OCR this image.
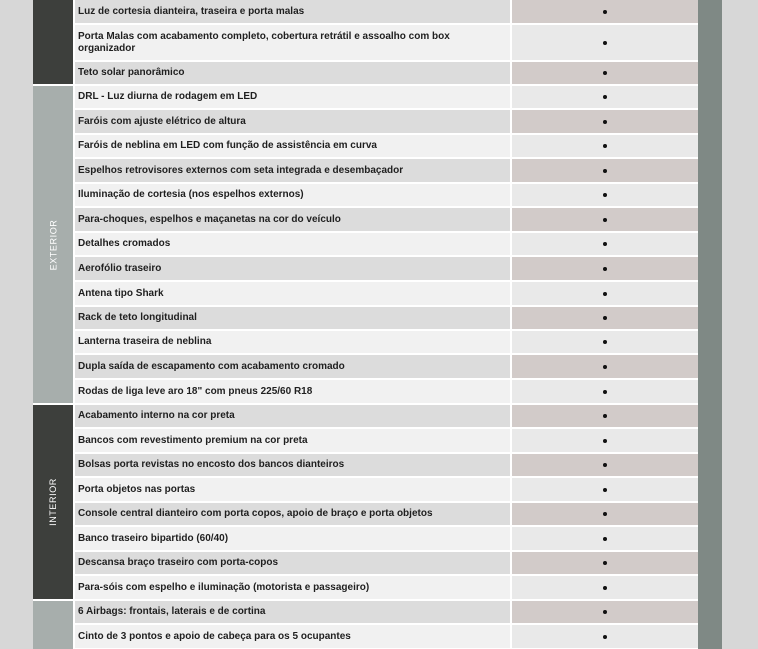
EXTERIOR
INTERIOR
Luz de cortesia dianteira, traseira e porta malas
Porta Malas com acabamento completo, cobertura retrátil e assoalho com box organizador
Teto solar panorâmico
DRL - Luz diurna de rodagem em LED
Faróis com ajuste elétrico de altura
Faróis de neblina em LED com função de assistência em curva
Espelhos retrovisores externos com seta integrada e desembaçador
Iluminação de cortesia (nos espelhos externos)
Para-choques, espelhos e maçanetas na cor do veículo
Detalhes cromados
Aerofólio traseiro
Antena tipo Shark
Rack de teto longitudinal
Lanterna traseira de neblina
Dupla saída de escapamento com acabamento cromado
Rodas de liga leve aro 18" com pneus 225/60 R18
Acabamento interno na cor preta
Bancos com revestimento premium na cor preta
Bolsas porta revistas no encosto dos bancos dianteiros
Porta objetos nas portas
Console central dianteiro com porta copos, apoio de braço e porta objetos
Banco traseiro bipartido (60/40)
Descansa braço traseiro com porta-copos
Para-sóis com espelho e iluminação (motorista e passageiro)
6 Airbags: frontais, laterais e de cortina
Cinto de 3 pontos e apoio de cabeça para os 5 ocupantes
